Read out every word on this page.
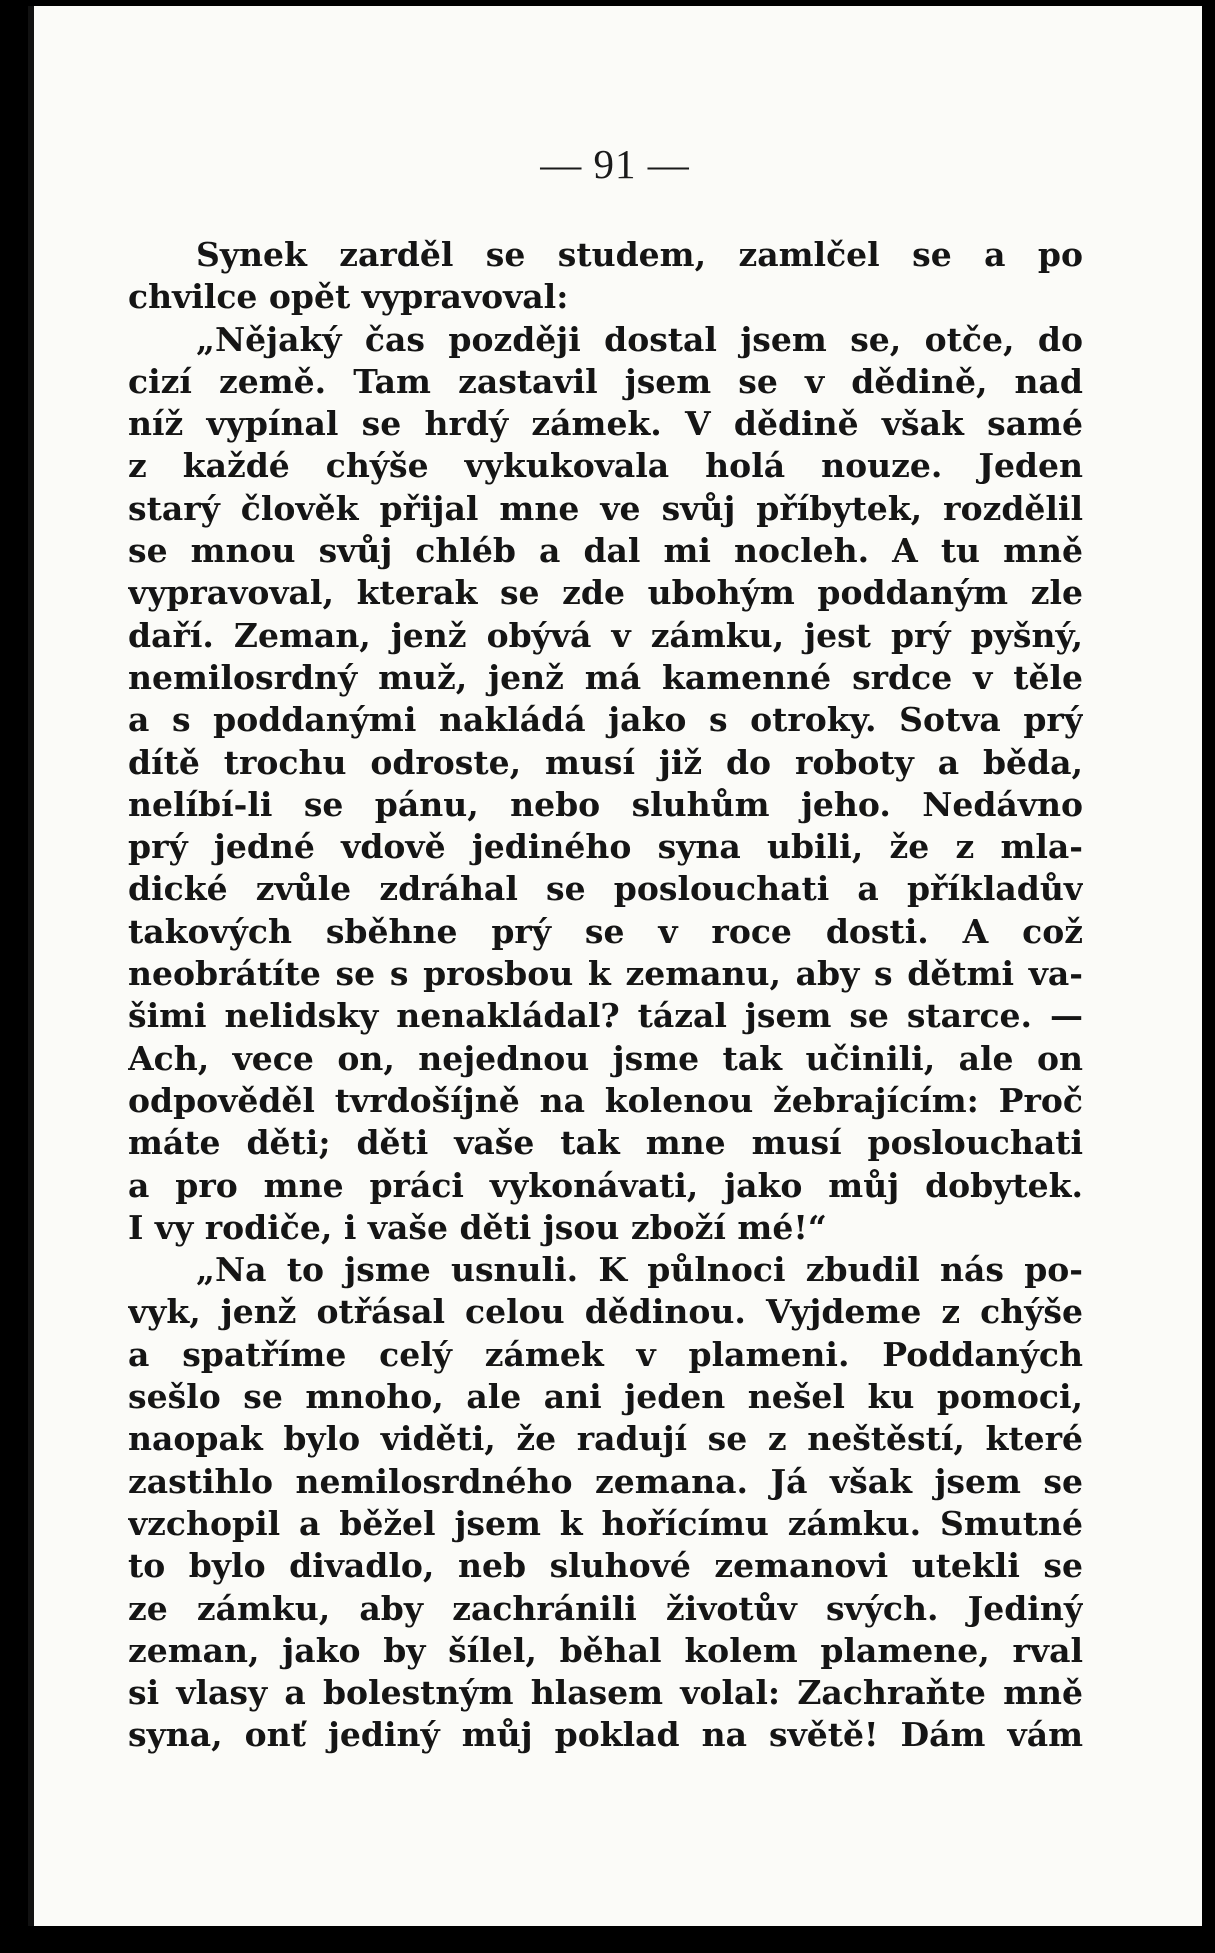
— 91 —
Synek zarděl se studem, zamlčel se a po
chvilce opět vypravoval:
„Nějaký čas později dostal jsem se, otče, do
cizí země. Tam zastavil jsem se v dědině, nad
níž vypínal se hrdý zámek. V dědině však samé
z každé chýše vykukovala holá nouze. Jeden
starý člověk přijal mne ve svůj příbytek, rozdělil
se mnou svůj chléb a dal mi nocleh. A tu mně
vypravoval, kterak se zde ubohým poddaným zle
daří. Zeman, jenž obývá v zámku, jest prý pyšný,
nemilosrdný muž, jenž má kamenné srdce v těle
a s poddanými nakládá jako s otroky. Sotva prý
dítě trochu odroste, musí již do roboty a běda,
nelíbí-li se pánu, nebo sluhům jeho. Nedávno
prý jedné vdově jediného syna ubili, že z mla-
dické zvůle zdráhal se poslouchati a příkladův
takových sběhne prý se v roce dosti. A což
neobrátíte se s prosbou k zemanu, aby s dětmi va-
šimi nelidsky nenakládal? tázal jsem se starce. —
Ach, vece on, nejednou jsme tak učinili, ale on
odpověděl tvrdošíjně na kolenou žebrajícím: Proč
máte děti; děti vaše tak mne musí poslouchati
a pro mne práci vykonávati, jako můj dobytek.
I vy rodiče, i vaše děti jsou zboží mé!“
„Na to jsme usnuli. K půlnoci zbudil nás po-
vyk, jenž otřásal celou dědinou. Vyjdeme z chýše
a spatříme celý zámek v plameni. Poddaných
sešlo se mnoho, ale ani jeden nešel ku pomoci,
naopak bylo viděti, že radují se z neštěstí, které
zastihlo nemilosrdného zemana. Já však jsem se
vzchopil a běžel jsem k hořícímu zámku. Smutné
to bylo divadlo, neb sluhové zemanovi utekli se
ze zámku, aby zachránili životův svých. Jediný
zeman, jako by šílel, běhal kolem plamene, rval
si vlasy a bolestným hlasem volal: Zachraňte mně
syna, onť jediný můj poklad na světě! Dám vám
